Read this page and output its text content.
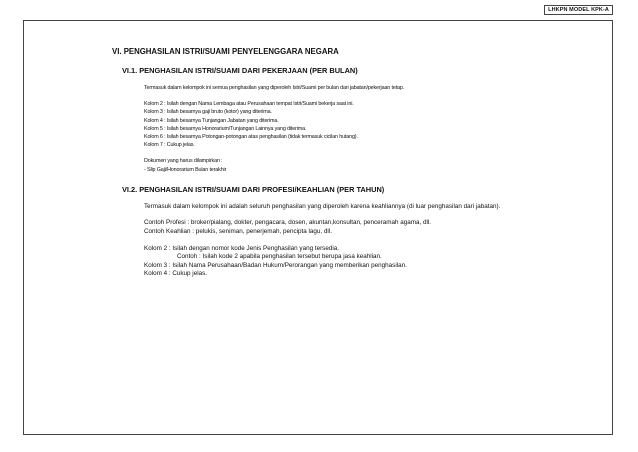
LHKPN MODEL KPK-A
VI. PENGHASILAN ISTRI/SUAMI PENYELENGGARA NEGARA
VI.1. PENGHASILAN ISTRI/SUAMI DARI PEKERJAAN (PER BULAN)
Termasuk dalam kelompok ini semua penghasilan yang diperoleh Istri/Suami per bulan dari jabatan/pekerjaan tetap.
Kolom 2 : Isilah dengan Nama Lembaga atau Perusahaan tempat Istri/Suami bekerja saat ini.
Kolom 3 : Isilah besarnya gaji bruto (kotor) yang diterima.
Kolom 4 : Isilah besarnya Tunjangan Jabatan yang diterima.
Kolom 5 : Isilah besarnya Honorarium/Tunjangan Lainnya yang diterima.
Kolom 6 : Isilah besarnya Potongan-potongan atas penghasilan (tidak termasuk cicilan hutang).
Kolom 7 : Cukup jelas.
Dokumen yang harus dilampirkan :
- Slip Gaji/Honorarium Bulan terakhir
VI.2. PENGHASILAN ISTRI/SUAMI DARI PROFESI/KEAHLIAN (PER TAHUN)
Termasuk dalam kelompok ini adalah seluruh penghasilan yang diperoleh karena keahliannya (di luar penghasilan dari jabatan).
Contoh Profesi : broker/pialang, dokter, pengacara, dosen, akuntan,konsultan, penceramah agama, dll.
Contoh Keahlian : pelukis, seniman, penerjemah, pencipta lagu, dll.
Kolom 2 : Isilah dengan nomor kode Jenis Penghasilan yang tersedia.
Contoh : Isilah kode 2 apabila penghasilan tersebut berupa jasa keahlian.
Kolom 3 : Isilah Nama Perusahaan/Badan Hukum/Perorangan yang memberikan penghasilan.
Kolom 4 : Cukup jelas.
